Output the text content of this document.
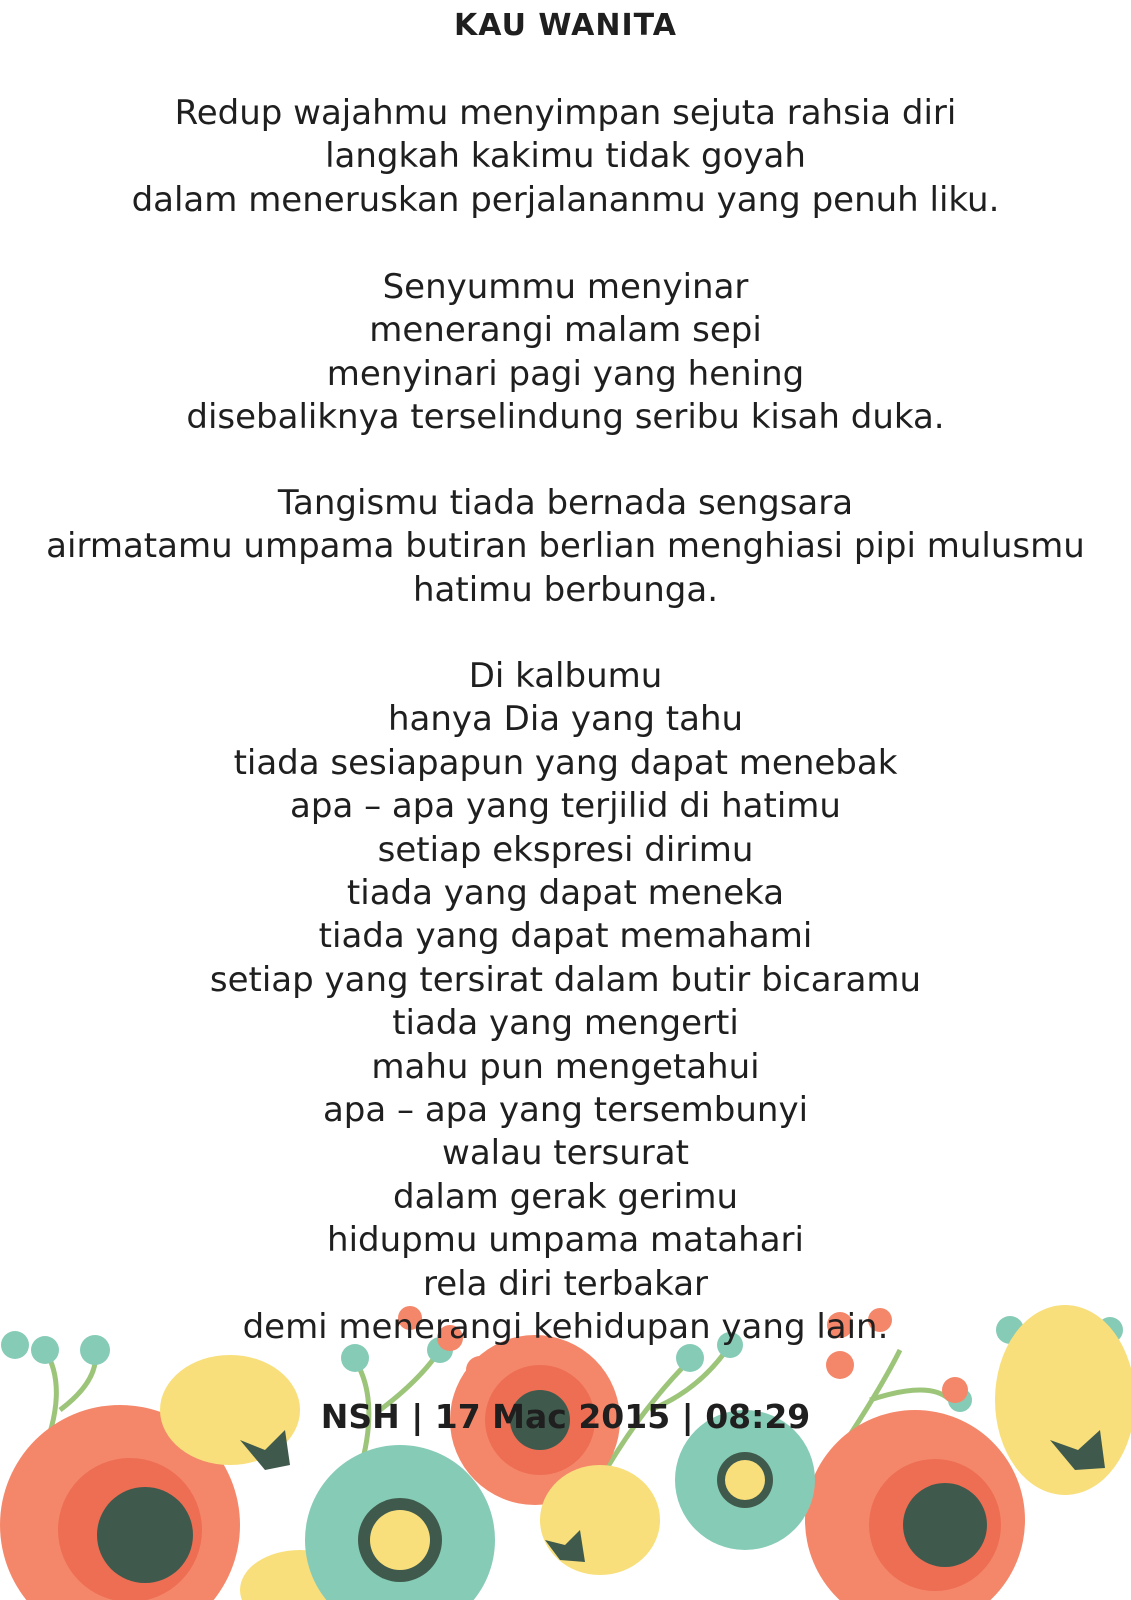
KAU WANITA
Redup wajahmu menyimpan sejuta rahsia diri
langkah kakimu tidak goyah
dalam meneruskan perjalananmu yang penuh liku.
Senyummu menyinar
menerangi malam sepi
menyinari pagi yang hening
disebaliknya terselindung seribu kisah duka.
Tangismu tiada bernada sengsara
airmatamu umpama butiran berlian menghiasi pipi mulusmu
hatimu berbunga.
Di kalbumu
hanya Dia yang tahu
tiada sesiapapun yang dapat menebak
apa – apa yang terjilid di hatimu
setiap ekspresi dirimu
tiada yang dapat meneka
tiada yang dapat memahami
setiap yang tersirat dalam butir bicaramu
tiada yang mengerti
mahu pun mengetahui
apa – apa yang tersembunyi
walau tersurat
dalam gerak gerimu
hidupmu umpama matahari
rela diri terbakar
demi menerangi kehidupan yang lain.
NSH | 17 Mac 2015 | 08:29
